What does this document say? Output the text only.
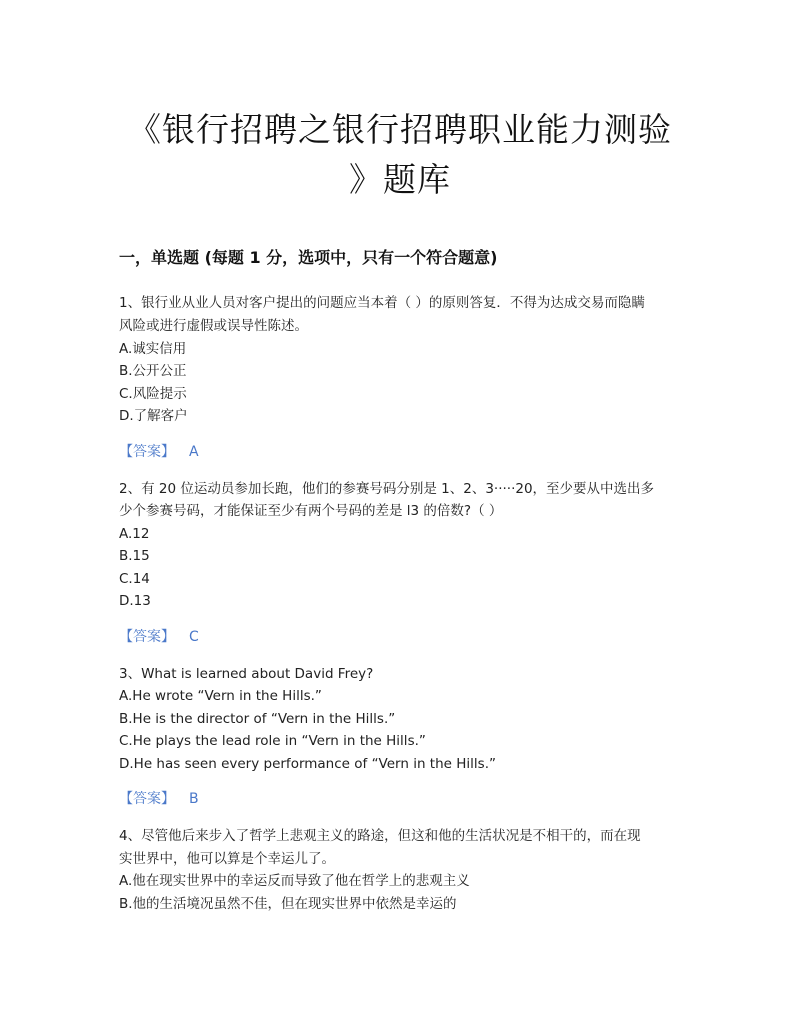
《银行招聘之银行招聘职业能力测验
》题库
一，单选题 (每题 1 分，选项中，只有一个符合题意)
1、银行业从业人员对客户提出的问题应当本着（ ）的原则答复．不得为达成交易而隐瞒
风险或进行虚假或误导性陈述。
A.诚实信用
B.公开公正
C.风险提示
D.了解客户
【答案】 A
2、有 20 位运动员参加长跑，他们的参赛号码分别是 1、2、3·····20，至少要从中选出多
少个参赛号码，才能保证至少有两个号码的差是 l3 的倍数?（ ）
A.12
B.15
C.14
D.13
【答案】 C
3、What is learned about David Frey?
A.He wrote “Vern in the Hills.”
B.He is the director of “Vern in the Hills.”
C.He plays the lead role in “Vern in the Hills.”
D.He has seen every performance of “Vern in the Hills.”
【答案】 B
4、尽管他后来步入了哲学上悲观主义的路途，但这和他的生活状况是不相干的，而在现
实世界中，他可以算是个幸运儿了。
A.他在现实世界中的幸运反而导致了他在哲学上的悲观主义
B.他的生活境况虽然不佳，但在现实世界中依然是幸运的
